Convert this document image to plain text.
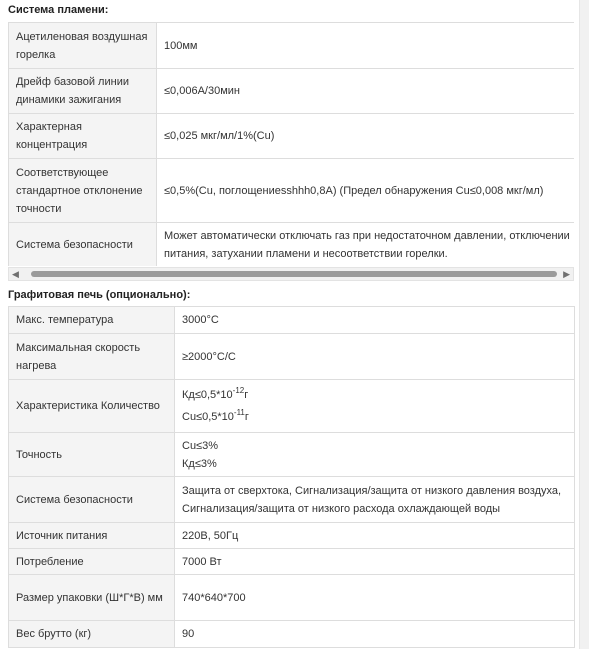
Система пламени:
Ацетиленовая воздушная горелка	100мм
Дрейф базовой линии динамики зажигания	≤0,006A/30мин
Характерная концентрация	≤0,025 мкг/мл/1%(Cu)
Соответствующее стандартное отклонение точности	≤0,5%(Cu, поглощениеsshhh0,8A) (Предел обнаружения Cu≤0,008 мкг/мл)
Система безопасности	Может автоматически отключать газ при недостаточном давлении, отключении питания, затухании пламени и несоответствии горелки.
◀	▶
Графитовая печь (опционально):
Макс. температура	3000°C
Максимальная скорость нагрева	≥2000°C/C
Характеристика Количество	$Кд\le 0,5*10^{-12}г$
$Cu\le 0,5*10^{-11}г$

Точность	Cu≤3%
Кд≤3%

Система безопасности	Защита от сверхтока, Сигнализация/защита от низкого давления воздуха, Сигнализация/защита от низкого расхода охлаждающей воды
Источник питания	220В, 50Гц
Потребление	7000 Вт
Размер упаковки (Ш*Г*В) мм	740*640*700
Вес брутто (кг)	90
